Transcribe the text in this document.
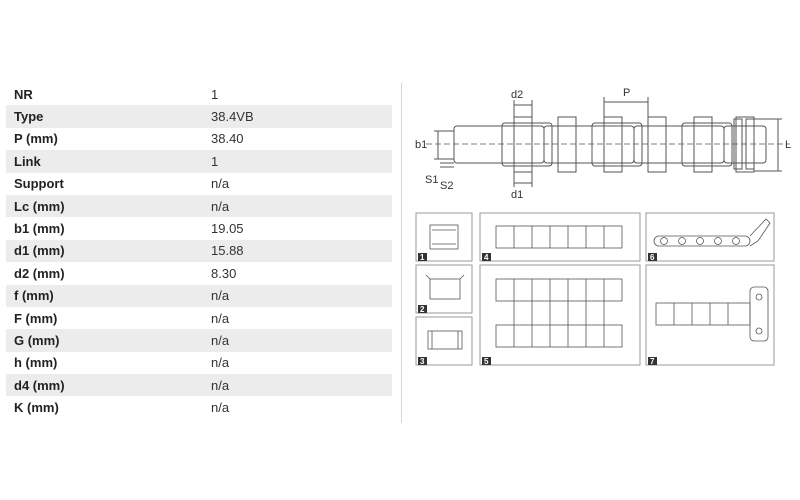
NR	1
Type	38.4VB
P (mm)	38.40
Link	1
Support	n/a
Lc (mm)	n/a
b1 (mm)	19.05
d1 (mm)	15.88
d2 (mm)	8.30
f (mm)	n/a
F (mm)	n/a
G (mm)	n/a
h (mm)	n/a
d4 (mm)	n/a
K (mm)	n/a
d2	P
b1	L
S1 S2
d1
1
2
3
4
5
6
7
